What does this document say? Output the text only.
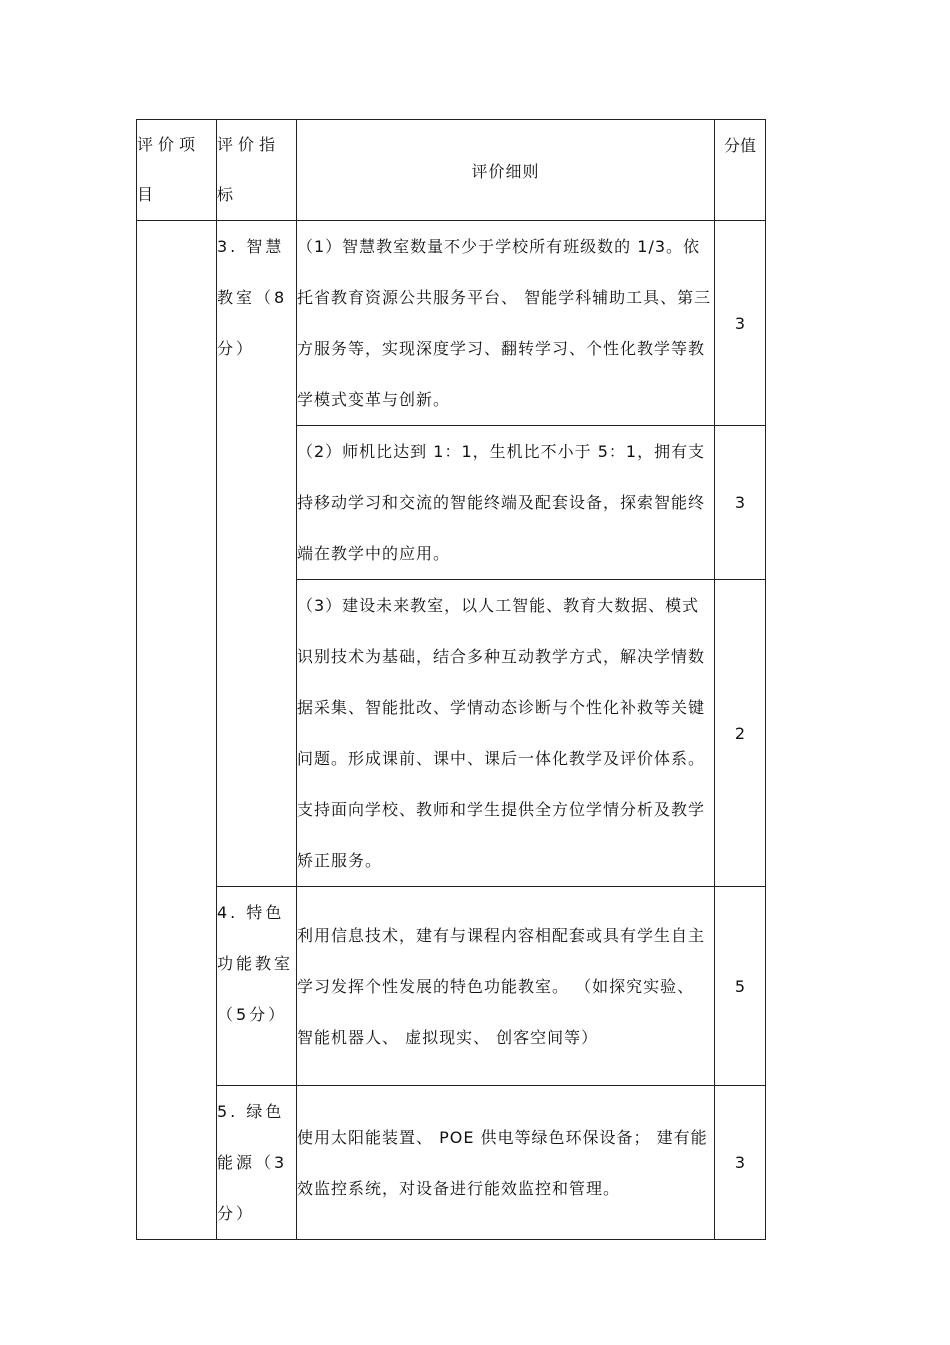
评价项目	评价指标	评价细则	分值
	3. 智慧教室（8分）	（1）智慧教室数量不少于学校所有班级数的 1/3。依托省教育资源公共服务平台、 智能学科辅助工具、第三方服务等，实现深度学习、翻转学习、个性化教学等教学模式变革与创新。	3
		（2）师机比达到 1：1，生机比不小于 5：1，拥有支持移动学习和交流的智能终端及配套设备，探索智能终端在教学中的应用。	3
		（3）建设未来教室，以人工智能、教育大数据、模式识别技术为基础，结合多种互动教学方式，解决学情数据采集、智能批改、学情动态诊断与个性化补救等关键问题。形成课前、课中、课后一体化教学及评价体系。支持面向学校、教师和学生提供全方位学情分析及教学矫正服务。	2
	4. 特色功能教室（5分）	利用信息技术，建有与课程内容相配套或具有学生自主学习发挥个性发展的特色功能教室。 （如探究实验、 智能机器人、 虚拟现实、 创客空间等）	5
	5. 绿色能源（3分）	使用太阳能装置、 POE 供电等绿色环保设备； 建有能效监控系统，对设备进行能效监控和管理。	3
